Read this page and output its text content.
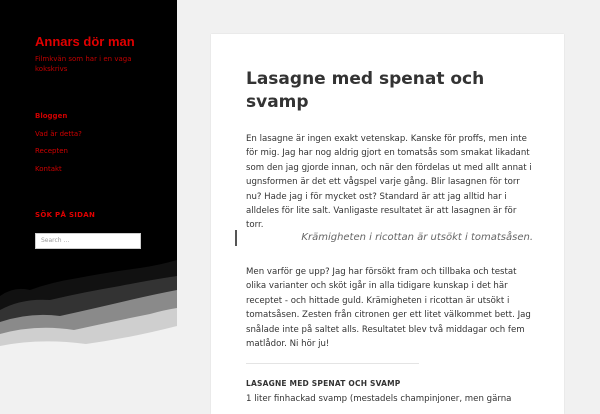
Annars dör man
Filmkvän som har i en vaga kokskrivs
Bloggen
Vad är detta?
Recepten
Kontakt
SÖK PÅ SIDAN
Search …
Lasagne med spenat och svamp

En lasagne är ingen exakt vetenskap. Kanske för proffs, men inte för mig. Jag har nog aldrig gjort en tomatsås som smakat likadant som den jag gjorde innan, och när den fördelas ut med allt annat i ugnsformen är det ett vågspel varje gång. Blir lasagnen för torr nu? Hade jag i för mycket ost? Standard är att jag alltid har i alldeles för lite salt. Vanligaste resultatet är att lasagnen är för torr.

Krämigheten i ricottan är utsökt i tomatsåsen.

Men varför ge upp? Jag har försökt fram och tillbaka och testat olika varianter och sköt igår in alla tidigare kunskap i det här receptet - och hittade guld. Krämigheten i ricottan är utsökt i tomatsåsen. Zesten från citronen ger ett litet välkommet bett. Jag snålade inte på saltet alls. Resultatet blev två middagar och fem matlådor. Ni hör ju!

LASAGNE MED SPENAT OCH SVAMP

1 liter finhackad svamp (mestadels champinjoner, men gärna
